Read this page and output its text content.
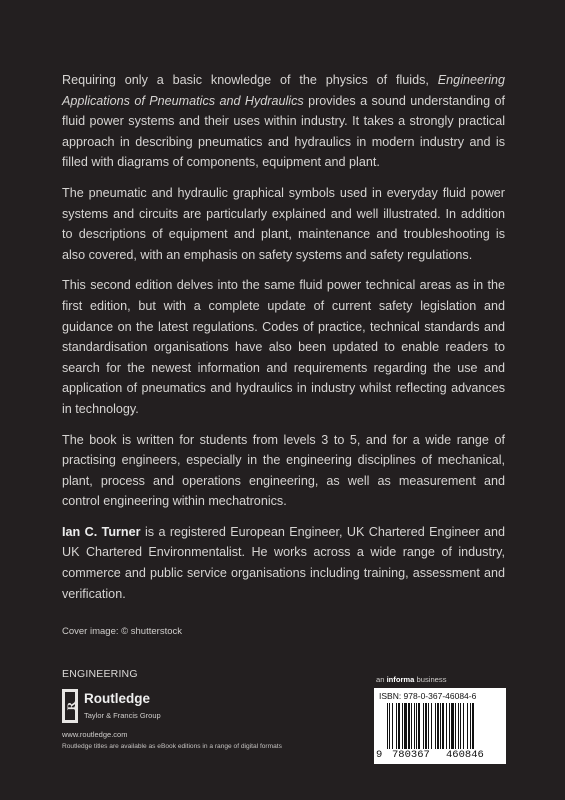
Requiring only a basic knowledge of the physics of fluids, Engineering Applications of Pneumatics and Hydraulics provides a sound understanding of fluid power systems and their uses within industry. It takes a strongly practical approach in describing pneumatics and hydraulics in modern industry and is filled with diagrams of components, equipment and plant.

The pneumatic and hydraulic graphical symbols used in everyday fluid power systems and circuits are particularly explained and well illustrated. In addition to descriptions of equipment and plant, maintenance and troubleshooting is also covered, with an emphasis on safety systems and safety regulations.

This second edition delves into the same fluid power technical areas as in the first edition, but with a complete update of current safety legislation and guidance on the latest regulations. Codes of practice, technical standards and standardisation organisations have also been updated to enable readers to search for the newest information and requirements regarding the use and application of pneumatics and hydraulics in industry whilst reflecting advances in technology.

The book is written for students from levels 3 to 5, and for a wide range of practising engineers, especially in the engineering disciplines of mechanical, plant, process and operations engineering, as well as measurement and control engineering within mechatronics.

Ian C. Turner is a registered European Engineer, UK Chartered Engineer and UK Chartered Environmentalist. He works across a wide range of industry, commerce and public service organisations including training, assessment and verification.

Cover image: © shutterstock
ENGINEERING
R Routledge
Taylor & Francis Group
www.routledge.com
Routledge titles are available as eBook editions in a range of digital formats
an informa business
ISBN: 978-0-367-46084-6
9 780367 460846
